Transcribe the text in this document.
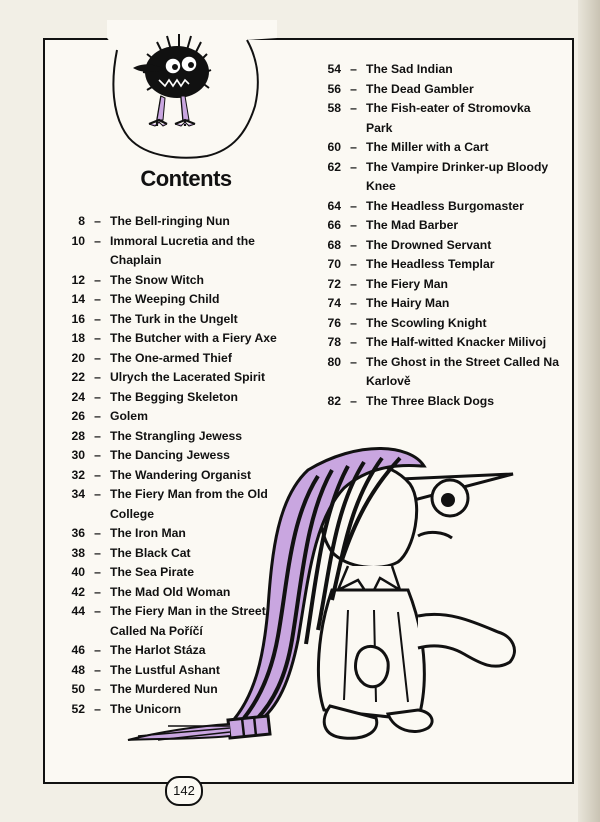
Contents
8 – The Bell-ringing Nun
10 – Immoral Lucretia and the Chaplain
12 – The Snow Witch
14 – The Weeping Child
16 – The Turk in the Ungelt
18 – The Butcher with a Fiery Axe
20 – The One-armed Thief
22 – Ulrych the Lacerated Spirit
24 – The Begging Skeleton
26 – Golem
28 – The Strangling Jewess
30 – The Dancing Jewess
32 – The Wandering Organist
34 – The Fiery Man from the Old College
36 – The Iron Man
38 – The Black Cat
40 – The Sea Pirate
42 – The Mad Old Woman
44 – The Fiery Man in the Street Called Na Poříčí
46 – The Harlot Stáza
48 – The Lustful Ashant
50 – The Murdered Nun
52 – The Unicorn
54 – The Sad Indian
56 – The Dead Gambler
58 – The Fish-eater of Stromovka Park
60 – The Miller with a Cart
62 – The Vampire Drinker-up Bloody Knee
64 – The Headless Burgomaster
66 – The Mad Barber
68 – The Drowned Servant
70 – The Headless Templar
72 – The Fiery Man
74 – The Hairy Man
76 – The Scowling Knight
78 – The Half-witted Knacker Milivoj
80 – The Ghost in the Street Called Na Karlově
82 – The Three Black Dogs
142
